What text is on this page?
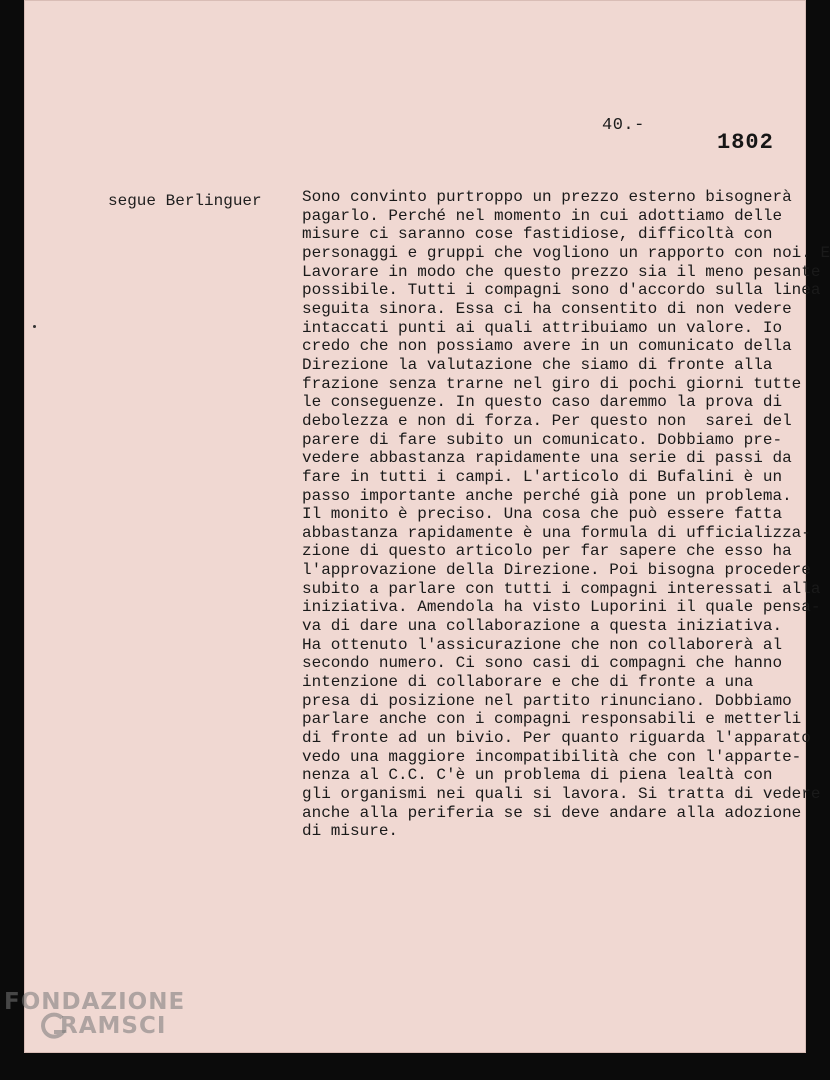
40.-
1802
segue Berlinguer	Sono convinto purtroppo un prezzo esterno bisognerà
pagarlo. Perché nel momento in cui adottiamo delle
misure ci saranno cose fastidiose, difficoltà con
personaggi e gruppi che vogliono un rapporto con noi. E
Lavorare in modo che questo prezzo sia il meno pesante
possibile. Tutti i compagni sono d'accordo sulla linea
seguita sinora. Essa ci ha consentito di non vedere
intaccati punti ai quali attribuiamo un valore. Io
credo che non possiamo avere in un comunicato della
Direzione la valutazione che siamo di fronte alla
frazione senza trarne nel giro di pochi giorni tutte
le conseguenze. In questo caso daremmo la prova di
debolezza e non di forza. Per questo non  sarei del
parere di fare subito un comunicato. Dobbiamo pre-
vedere abbastanza rapidamente una serie di passi da
fare in tutti i campi. L'articolo di Bufalini è un
passo importante anche perché già pone un problema.
Il monito è preciso. Una cosa che può essere fatta
abbastanza rapidamente è una formula di ufficializza-
zione di questo articolo per far sapere che esso ha
l'approvazione della Direzione. Poi bisogna procedere
subito a parlare con tutti i compagni interessati alla
iniziativa. Amendola ha visto Luporini il quale pensa-
va di dare una collaborazione a questa iniziativa.
Ha ottenuto l'assicurazione che non collaborerà al
secondo numero. Ci sono casi di compagni che hanno
intenzione di collaborare e che di fronte a una
presa di posizione nel partito rinunciano. Dobbiamo
parlare anche con i compagni responsabili e metterli
di fronte ad un bivio. Per quanto riguarda l'apparato
vedo una maggiore incompatibilità che con l'apparte-
nenza al C.C. C'è un problema di piena lealtà con
gli organismi nei quali si lavora. Si tratta di vedere
anche alla periferia se si deve andare alla adozione
di misure.
FONDAZIONE
RAMSCI
